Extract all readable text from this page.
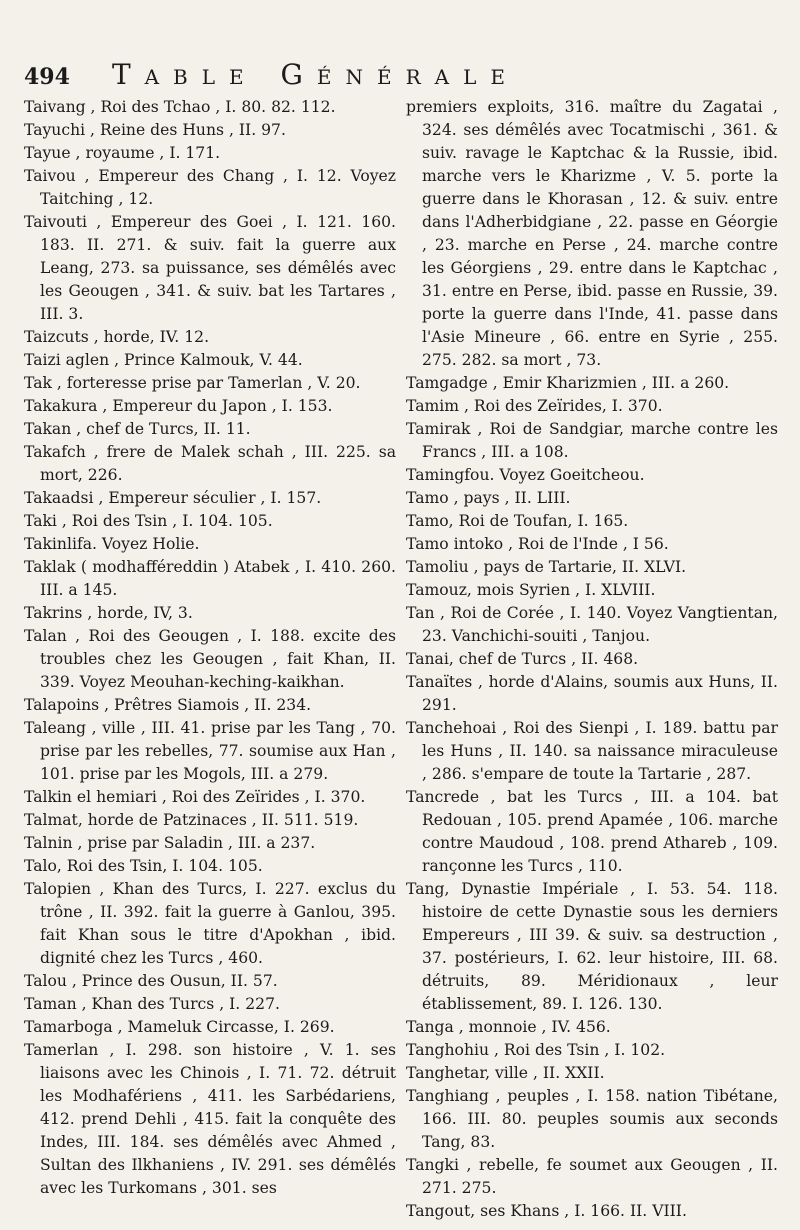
494 Table Générale
Taivang , Roi des Tchao , I. 80. 82. 112.
Tayuchi , Reine des Huns , II. 97.
Tayue , royaume , I. 171.
Taivou , Empereur des Chang , I. 12. Voyez Taitching , 12.
Taivouti , Empereur des Goei , I. 121. 160. 183. II. 271. & suiv. fait la guerre aux Leang, 273. sa puissance, ses démêlés avec les Geougen , 341. & suiv. bat les Tartares , III. 3.
Taizcuts , horde, IV. 12.
Taizi aglen , Prince Kalmouk, V. 44.
Tak , forteresse prise par Tamerlan , V. 20.
Takakura , Empereur du Japon , I. 153.
Takan , chef de Turcs, II. 11.
Takafch , frere de Malek schah , III. 225. sa mort, 226.
Takaadsi , Empereur séculier , I. 157.
Taki , Roi des Tsin , I. 104. 105.
Takinlifa. Voyez Holie.
Taklak ( modhafféreddin ) Atabek , I. 410. 260. III. a 145.
Takrins , horde, IV, 3.
Talan , Roi des Geougen , I. 188. excite des troubles chez les Geougen , fait Khan, II. 339. Voyez Meouhan-keching-kaikhan.
Talapoins , Prêtres Siamois , II. 234.
Taleang , ville , III. 41. prise par les Tang , 70. prise par les rebelles, 77. soumise aux Han , 101. prise par les Mogols, III. a 279.
Talkin el hemiari , Roi des Zeïrides , I. 370.
Talmat, horde de Patzinaces , II. 511. 519.
Talnin , prise par Saladin , III. a 237.
Talo, Roi des Tsin, I. 104. 105.
Talopien , Khan des Turcs, I. 227. exclus du trône , II. 392. fait la guerre à Ganlou, 395. fait Khan sous le titre d'Apokhan , ibid. dignité chez les Turcs , 460.
Talou , Prince des Ousun, II. 57.
Taman , Khan des Turcs , I. 227.
Tamarboga , Mameluk Circasse, I. 269.
Tamerlan , I. 298. son histoire , V. 1. ses liaisons avec les Chinois , I. 71. 72. détruit les Modhafériens , 411. les Sarbédariens, 412. prend Dehli , 415. fait la conquête des Indes, III. 184. ses démêlés avec Ahmed , Sultan des Ilkhaniens , IV. 291. ses démêlés avec les Turkomans , 301. ses
premiers exploits, 316. maître du Zagatai , 324. ses démêlés avec Tocatmischi , 361. & suiv. ravage le Kaptchac & la Russie, ibid. marche vers le Kharizme , V. 5. porte la guerre dans le Khorasan , 12. & suiv. entre dans l'Adherbidgiane , 22. passe en Géorgie , 23. marche en Perse , 24. marche contre les Géorgiens , 29. entre dans le Kaptchac , 31. entre en Perse, ibid. passe en Russie, 39. porte la guerre dans l'Inde, 41. passe dans l'Asie Mineure , 66. entre en Syrie , 255. 275. 282. sa mort , 73.
Tamgadge , Emir Kharizmien , III. a 260.
Tamim , Roi des Zeïrides, I. 370.
Tamirak , Roi de Sandgiar, marche contre les Francs , III. a 108.
Tamingfou. Voyez Goeitcheou.
Tamo , pays , II. LIII.
Tamo, Roi de Toufan, I. 165.
Tamo intoko , Roi de l'Inde , I 56.
Tamoliu , pays de Tartarie, II. XLVI.
Tamouz, mois Syrien , I. XLVIII.
Tan , Roi de Corée , I. 140. Voyez Vangtientan, 23. Vanchichi-souiti , Tanjou.
Tanai, chef de Turcs , II. 468.
Tanaïtes , horde d'Alains, soumis aux Huns, II. 291.
Tanchehoai , Roi des Sienpi , I. 189. battu par les Huns , II. 140. sa naissance miraculeuse , 286. s'empare de toute la Tartarie , 287.
Tancrede , bat les Turcs , III. a 104. bat Redouan , 105. prend Apamée , 106. marche contre Maudoud , 108. prend Athareb , 109. rançonne les Turcs , 110.
Tang, Dynastie Impériale , I. 53. 54. 118. histoire de cette Dynastie sous les derniers Empereurs , III 39. & suiv. sa destruction , 37. postérieurs, I. 62. leur histoire, III. 68. détruits, 89. Méridionaux , leur établissement, 89. I. 126. 130.
Tanga , monnoie , IV. 456.
Tanghohiu , Roi des Tsin , I. 102.
Tanghetar, ville , II. XXII.
Tanghiang , peuples , I. 158. nation Tibétane, 166. III. 80. peuples soumis aux seconds Tang, 83.
Tangki , rebelle, fe soumet aux Geougen , II. 271. 275.
Tangout, ses Khans , I. 166. II. VIII.
